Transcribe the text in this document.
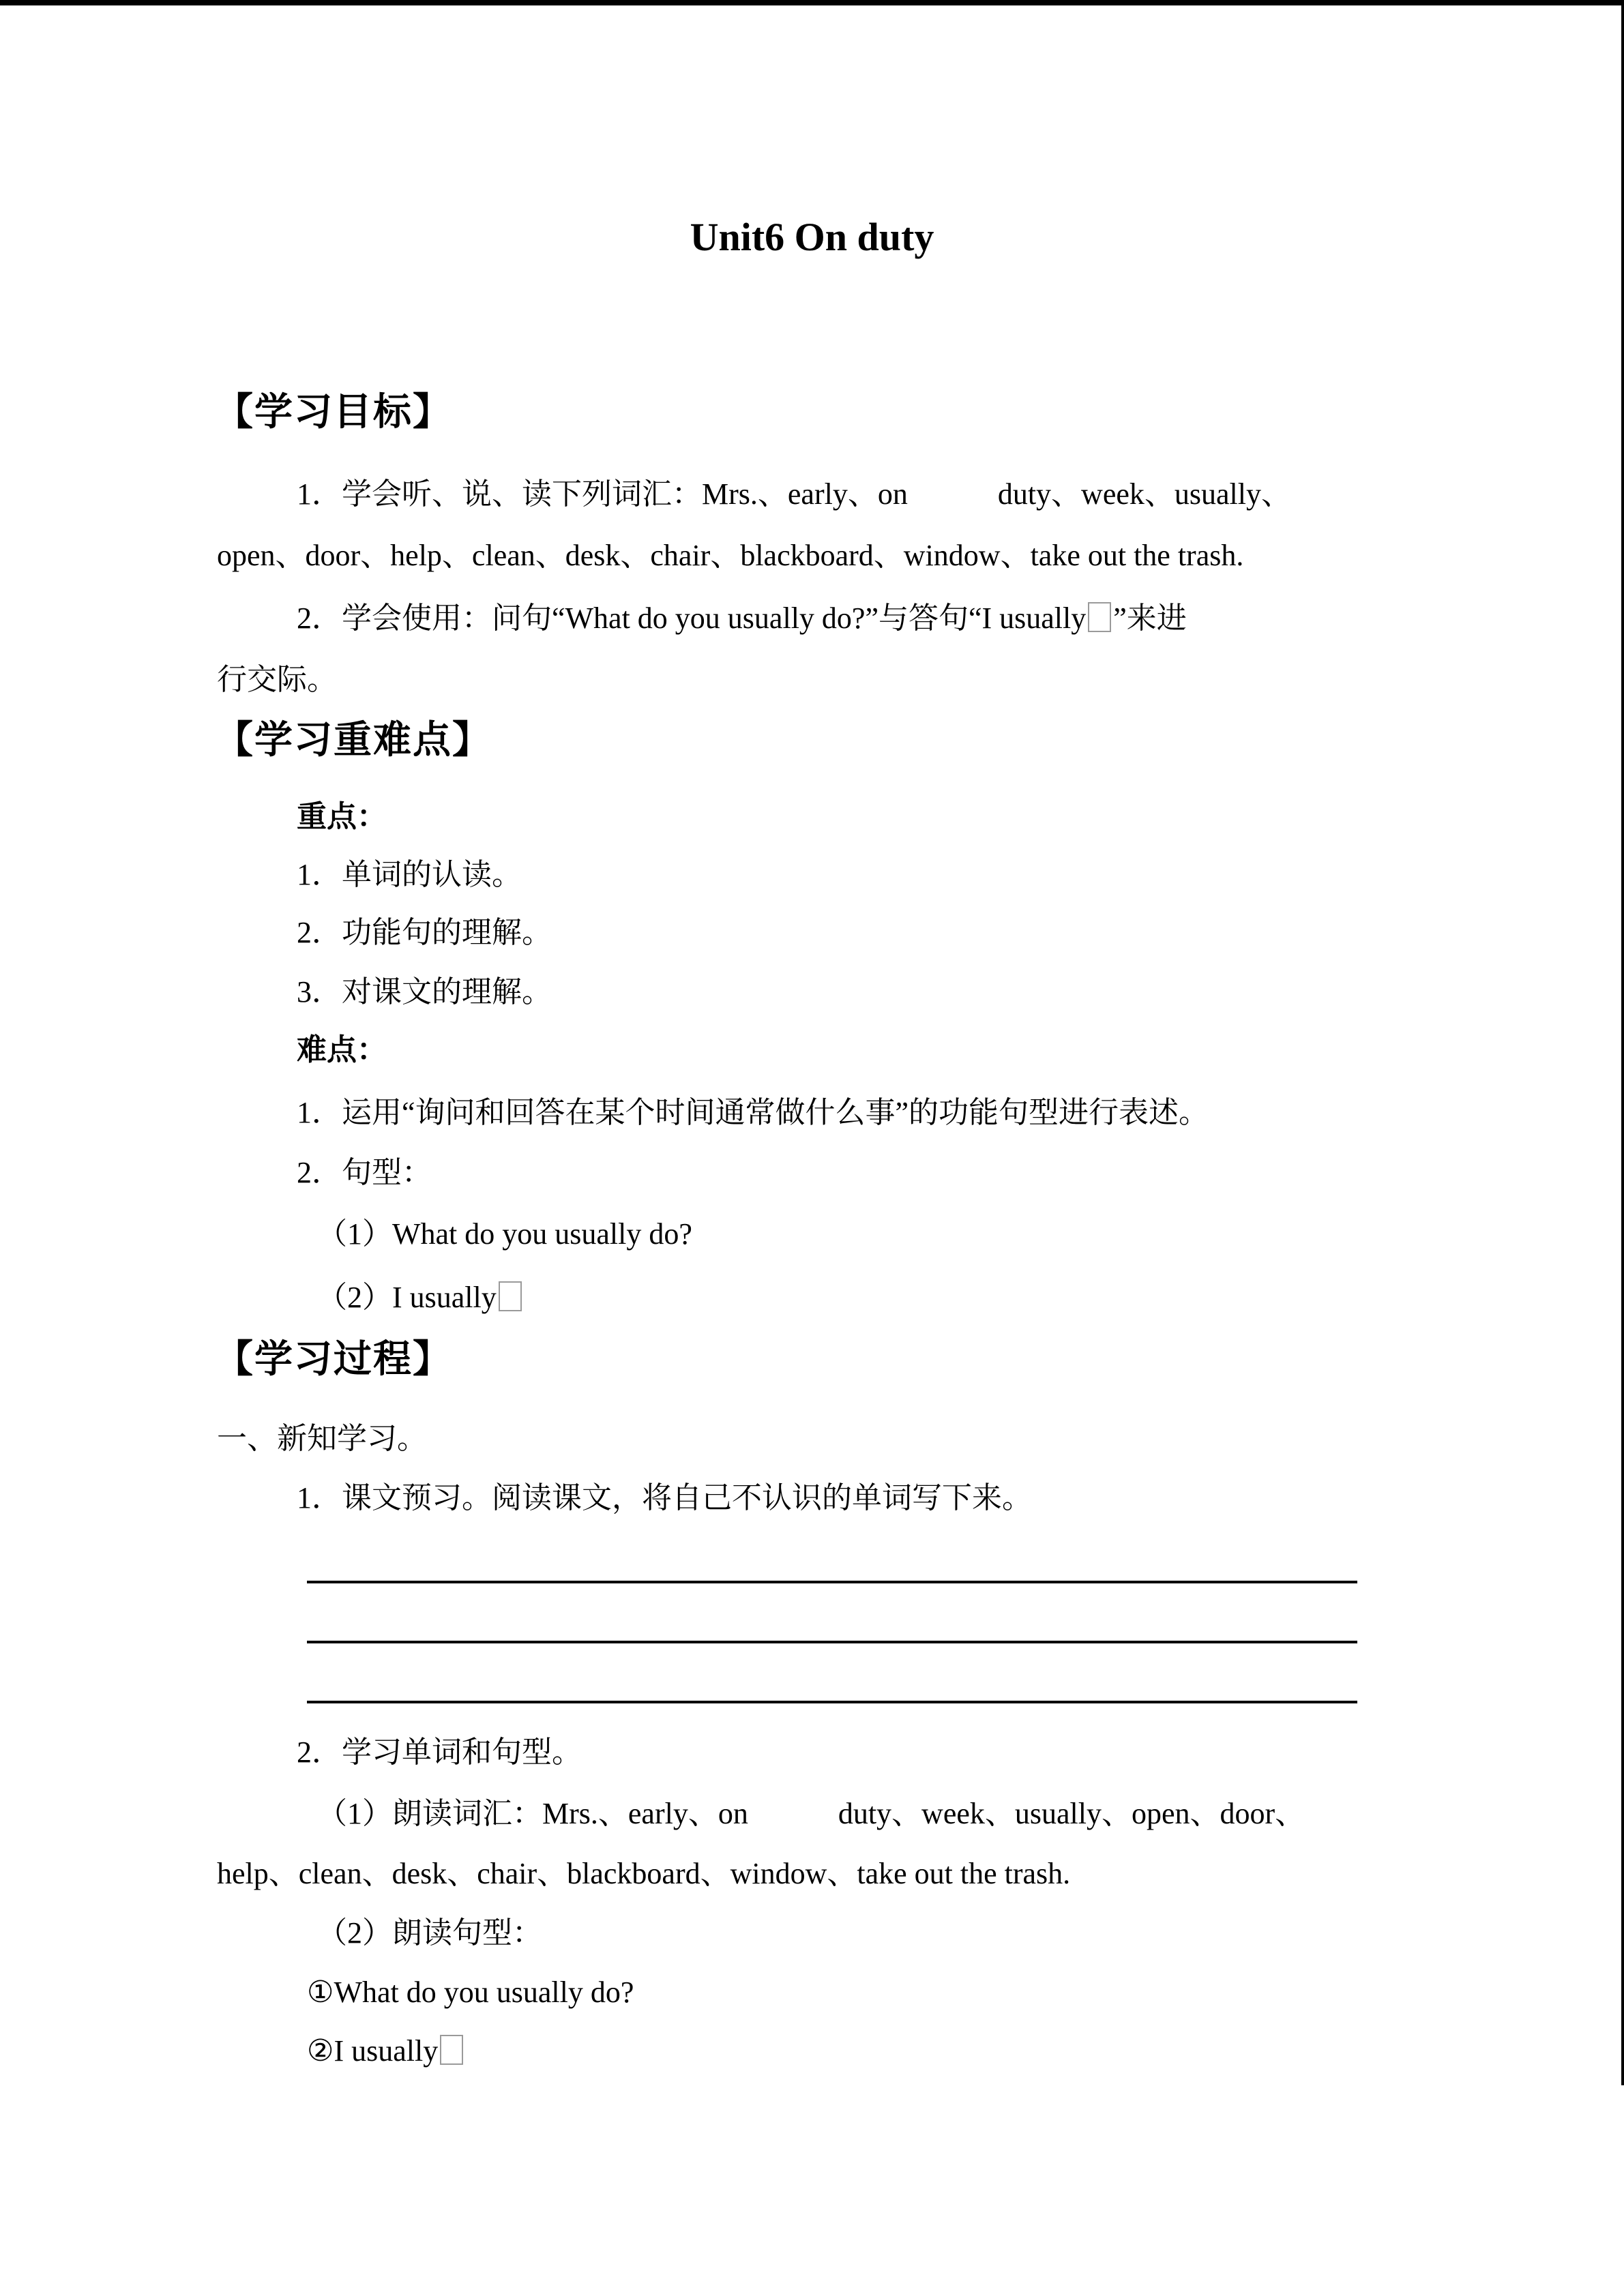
Unit6 On duty
【学习目标】
1．学会听、说、读下列词汇：Mrs.、early、on            duty、week、usually、
open、door、help、clean、desk、chair、blackboard、window、take out the trash.
2．学会使用：问句“What do you usually do?”与答句“I usually ”来进
行交际。
【学习重难点】
重点：
1．单词的认读。
2．功能句的理解。
3．对课文的理解。
难点：
1．运用“询问和回答在某个时间通常做什么事”的功能句型进行表述。
2．句型：
（1）What do you usually do?
（2）I usually
【学习过程】
一、新知学习。
1．课文预习。阅读课文，将自己不认识的单词写下来。
2．学习单词和句型。
（1）朗读词汇：Mrs.、early、on            duty、week、usually、open、door、
help、clean、desk、chair、blackboard、window、take out the trash.
（2）朗读句型：
①What do you usually do?
②I usually
